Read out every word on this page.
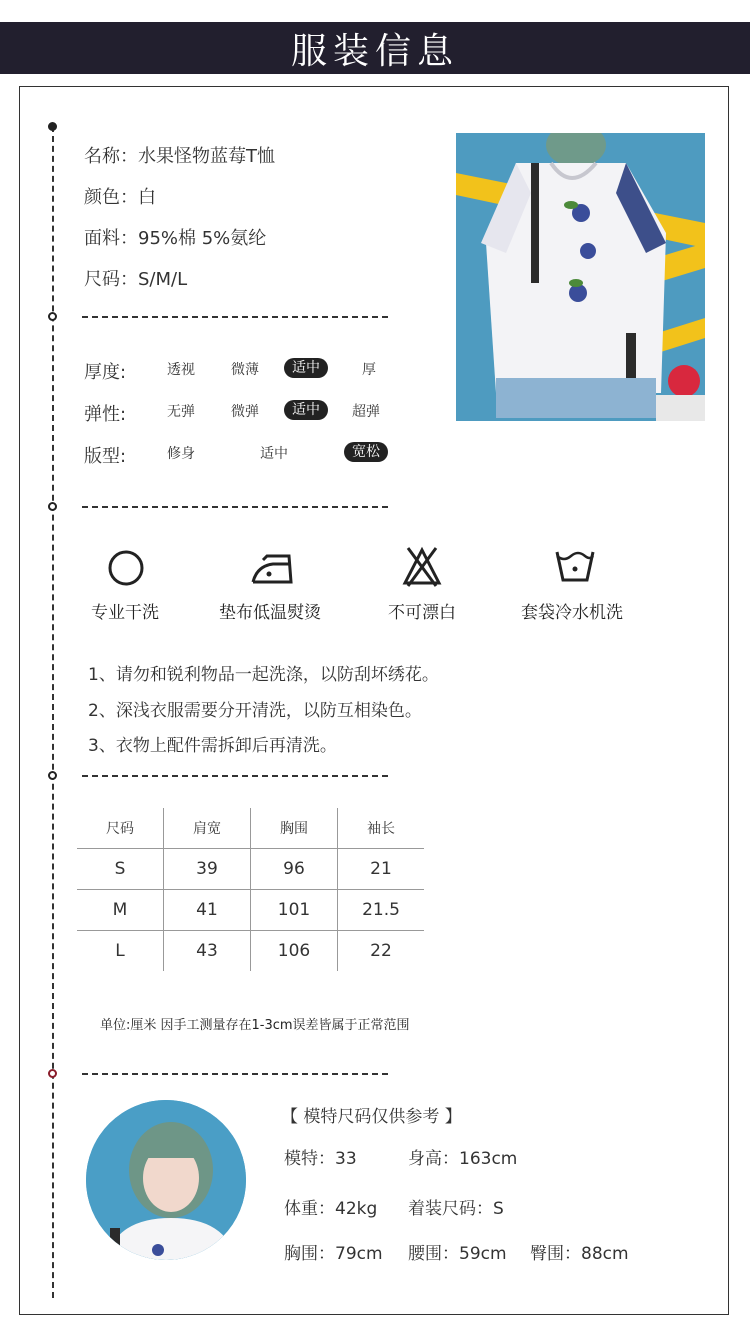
服装信息
名称：水果怪物蓝莓T恤
颜色：白
面料：95%棉 5%氨纶
尺码：S/M/L
厚度:	透视	微薄	适中	厚
弹性:	无弹	微弹	适中	超弹
版型:	修身	适中	宽松
专业干洗	垫布低温熨烫	不可漂白	套袋冷水机洗
1、请勿和锐利物品一起洗涤，以防刮坏绣花。
2、深浅衣服需要分开清洗，以防互相染色。
3、衣物上配件需拆卸后再清洗。
尺码	肩宽	胸围	袖长
S	39	96	21
M	41	101	21.5
L	43	106	22
单位:厘米 因手工测量存在1-3cm误差皆属于正常范围
【 模特尺码仅供参考 】
模特：33	身高：163cm
体重：42kg 着装尺码：S
胸围：79cm 腰围：59cm 臀围：88cm
